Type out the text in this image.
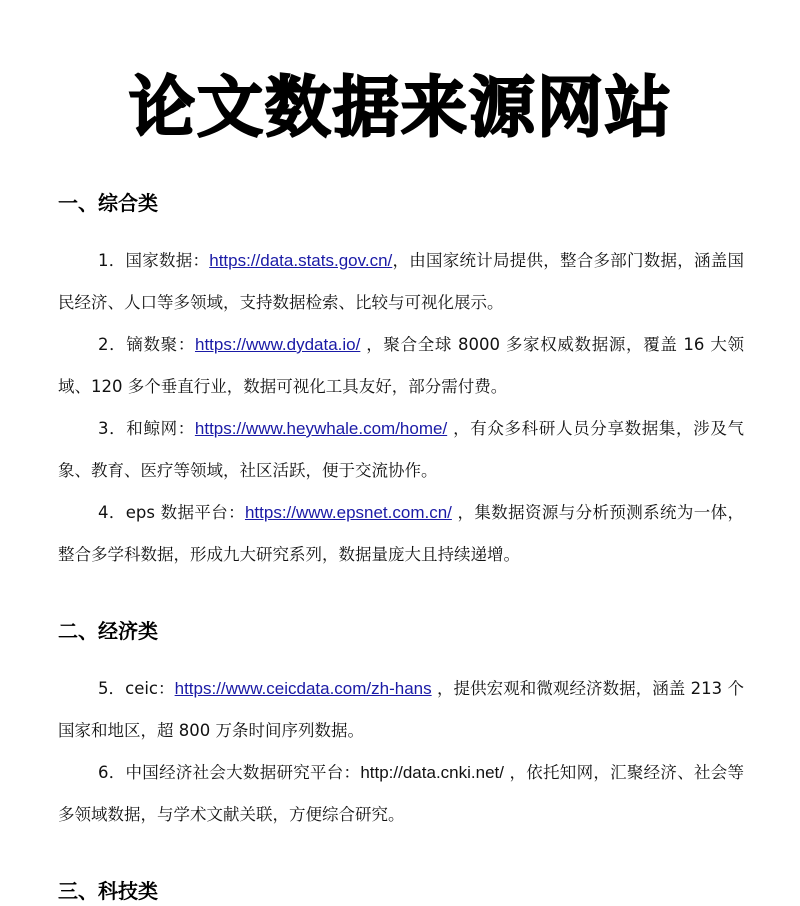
论文数据来源网站
一、综合类

1．国家数据：https://data.stats.gov.cn/，由国家统计局提供，整合多部门数据，涵盖国民经济、人口等多领域，支持数据检索、比较与可视化展示。

2．镝数聚：https://www.dydata.io/ ，聚合全球 8000 多家权威数据源，覆盖 16 大领域、120 多个垂直行业，数据可视化工具友好，部分需付费。

3．和鲸网：https://www.heywhale.com/home/ ，有众多科研人员分享数据集，涉及气象、教育、医疗等领域，社区活跃，便于交流协作。

4．eps 数据平台：https://www.epsnet.com.cn/ ，集数据资源与分析预测系统为一体，整合多学科数据，形成九大研究系列，数据量庞大且持续递增。

二、经济类

5．ceic：https://www.ceicdata.com/zh-hans ，提供宏观和微观经济数据，涵盖 213 个国家和地区，超 800 万条时间序列数据。

6．中国经济社会大数据研究平台：http://data.cnki.net/ ，依托知网，汇聚经济、社会等多领域数据，与学术文献关联，方便综合研究。

三、科技类
